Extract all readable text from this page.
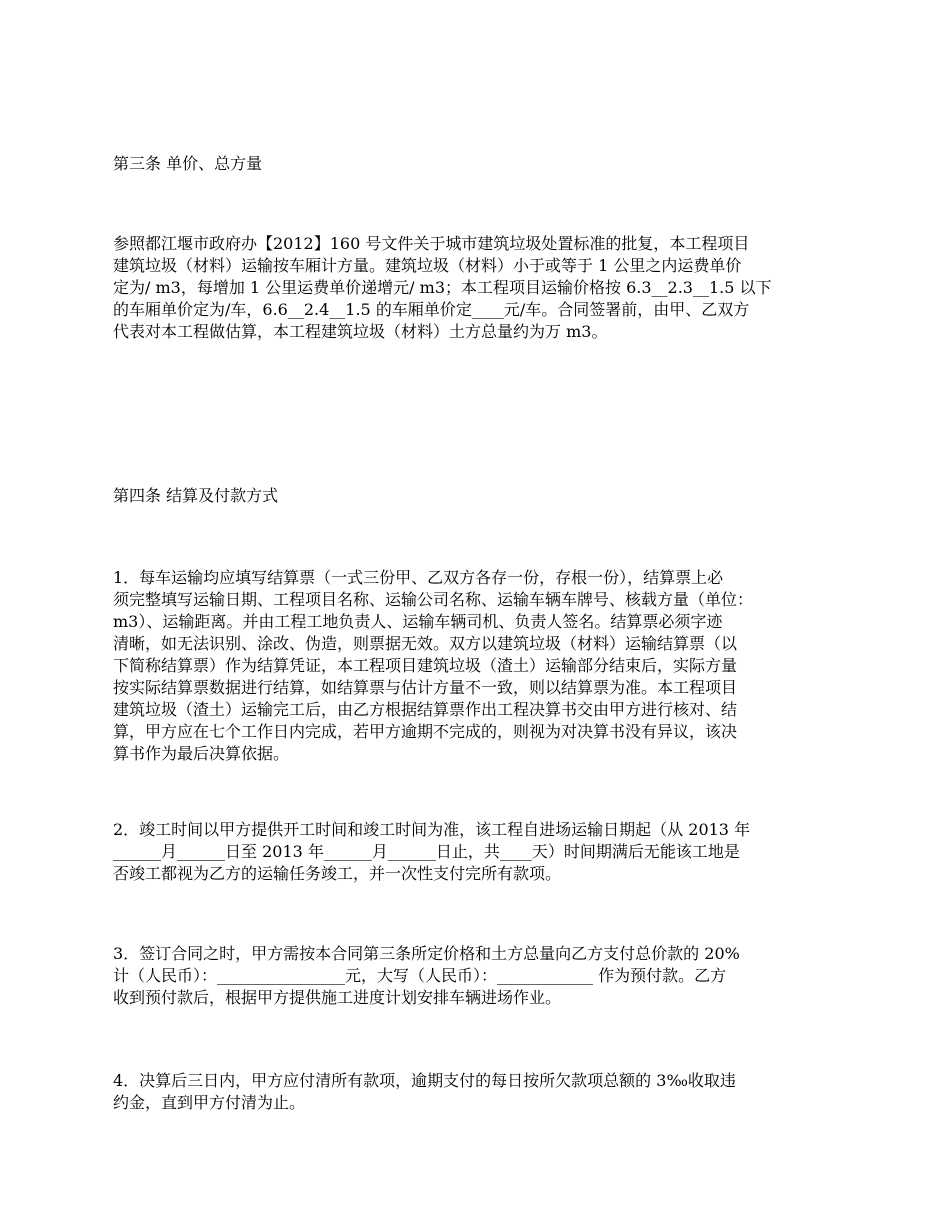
第三条 单价、总方量
参照都江堰市政府办【2012】160 号文件关于城市建筑垃圾处置标准的批复，本工程项目
建筑垃圾（材料）运输按车厢计方量。建筑垃圾（材料）小于或等于 1 公里之内运费单价
定为/ m3，每增加 1 公里运费单价递增元/ m3；本工程项目运输价格按 6.3__2.3__1.5 以下
的车厢单价定为/车，6.6__2.4__1.5 的车厢单价定____元/车。合同签署前，由甲、乙双方
代表对本工程做估算，本工程建筑垃圾（材料）土方总量约为万 m3。
第四条 结算及付款方式
1．每车运输均应填写结算票（一式三份甲、乙双方各存一份，存根一份），结算票上必
须完整填写运输日期、工程项目名称、运输公司名称、运输车辆车牌号、核载方量（单位：
m3）、运输距离。并由工程工地负责人、运输车辆司机、负责人签名。结算票必须字迹
清晰，如无法识别、涂改、伪造，则票据无效。双方以建筑垃圾（材料）运输结算票（以
下简称结算票）作为结算凭证，本工程项目建筑垃圾（渣土）运输部分结束后，实际方量
按实际结算票数据进行结算，如结算票与估计方量不一致，则以结算票为准。本工程项目
建筑垃圾（渣土）运输完工后，由乙方根据结算票作出工程决算书交由甲方进行核对、结
算，甲方应在七个工作日内完成，若甲方逾期不完成的，则视为对决算书没有异议，该决
算书作为最后决算依据。
2．竣工时间以甲方提供开工时间和竣工时间为准，该工程自进场运输日期起（从 2013 年
______月______日至 2013 年______月______日止，共____天）时间期满后无能该工地是
否竣工都视为乙方的运输任务竣工，并一次性支付完所有款项。
3．签订合同之时，甲方需按本合同第三条所定价格和土方总量向乙方支付总价款的 20%
计（人民币）：________________元，大写（人民币）：____________ 作为预付款。乙方
收到预付款后，根据甲方提供施工进度计划安排车辆进场作业。
4．决算后三日内，甲方应付清所有款项，逾期支付的每日按所欠款项总额的 3‰收取违
约金，直到甲方付清为止。
